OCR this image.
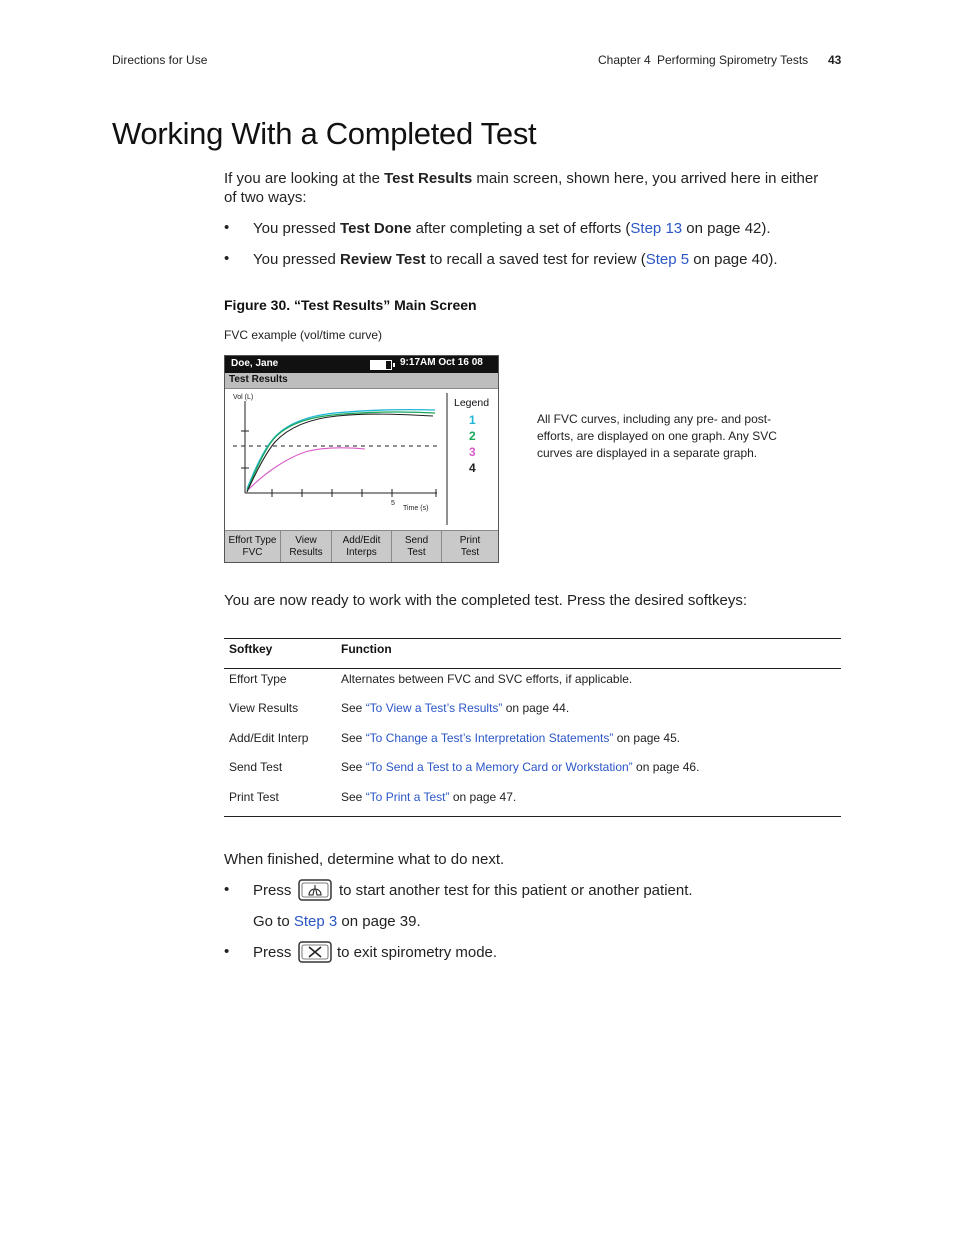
Directions for Use	Chapter 4 Performing Spirometry Tests 43
Working With a Completed Test
If you are looking at the Test Results main screen, shown here, you arrived here in either
of two ways:
• You pressed Test Done after completing a set of efforts (Step 13 on page 42).
• You pressed Review Test to recall a saved test for review (Step 5 on page 40).
Figure 30. “Test Results” Main Screen
FVC example (vol/time curve)
Doe, Jane	9:17AM Oct 16 08
Test Results
Vol (L)
5
Time (s)
Legend
1
2
3
4
Effort Type
FVC
View
Results
Add/Edit
Interps
Send
Test
Print
Test
All FVC curves, including any pre- and post-efforts, are displayed on one graph. Any SVC curves are displayed in a separate graph.
You are now ready to work with the completed test. Press the desired softkeys:
Softkey	Function
Effort Type	Alternates between FVC and SVC efforts, if applicable.
View Results	See “To View a Test’s Results” on page 44.
Add/Edit Interp	See “To Change a Test’s Interpretation Statements” on page 45.
Send Test	See “To Send a Test to a Memory Card or Workstation” on page 46.
Print Test	See “To Print a Test” on page 47.
When finished, determine what to do next.
• Press	to start another test for this patient or another patient.
Go to Step 3 on page 39.
• Press	to exit spirometry mode.
